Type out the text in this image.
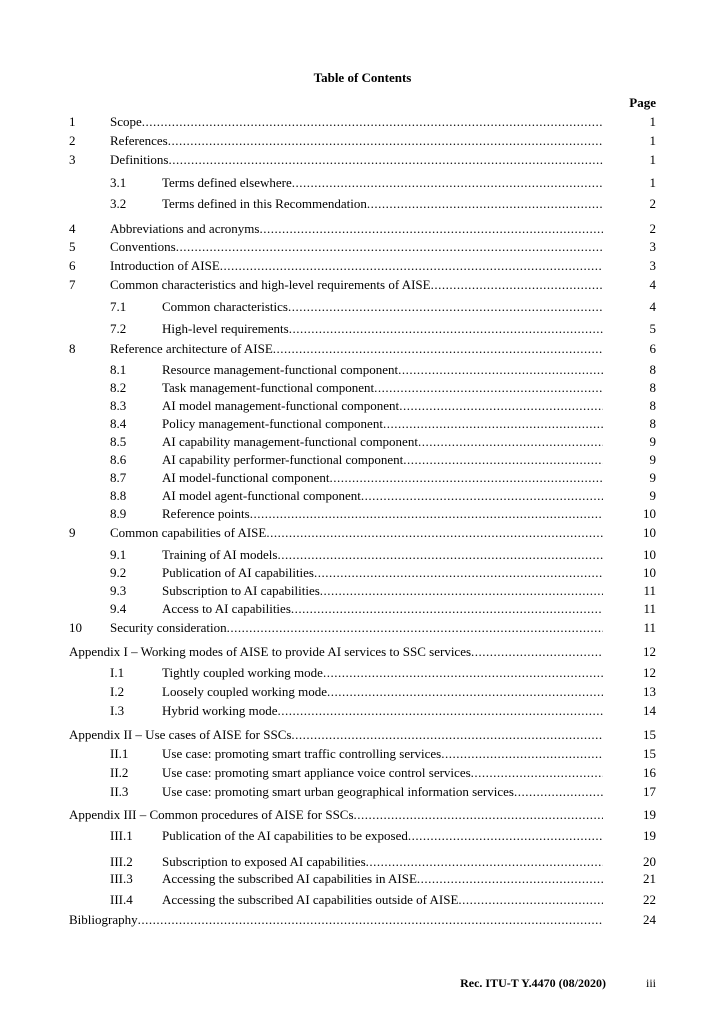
Table of Contents
Page
1	Scope .....	1
2	References .....	1
3	Definitions .....	1
3.1	Terms defined elsewhere .....	1
3.2	Terms defined in this Recommendation .....	2
4	Abbreviations and acronyms .....	2
5	Conventions .....	3
6	Introduction of AISE .....	3
7	Common characteristics and high-level requirements of AISE .....	4
7.1	Common characteristics .....	4
7.2	High-level requirements .....	5
8	Reference architecture of AISE .....	6
8.1	Resource management-functional component .....	8
8.2	Task management-functional component .....	8
8.3	AI model management-functional component .....	8
8.4	Policy management-functional component .....	8
8.5	AI capability management-functional component .....	9
8.6	AI capability performer-functional component .....	9
8.7	AI model-functional component .....	9
8.8	AI model agent-functional component .....	9
8.9	Reference points .....	10
9	Common capabilities of AISE .....	10
9.1	Training of AI models .....	10
9.2	Publication of AI capabilities .....	10
9.3	Subscription to AI capabilities .....	11
9.4	Access to AI capabilities .....	11
10 Security consideration .....	11
Appendix I – Working modes of AISE to provide AI services to SSC services .....	12
I.1	Tightly coupled working mode .....	12
I.2	Loosely coupled working mode .....	13
I.3	Hybrid working mode .....	14
Appendix II – Use cases of AISE for SSCs .....	15
II.1	Use case: promoting smart traffic controlling services .....	15
II.2	Use case: promoting smart appliance voice control services .....	16
II.3	Use case: promoting smart urban geographical information services .....	17
Appendix III – Common procedures of AISE for SSCs .....	19
III.1 Publication of the AI capabilities to be exposed .....	19
III.2 Subscription to exposed AI capabilities .....	20
III.3 Accessing the subscribed AI capabilities in AISE .....	21
III.4 Accessing the subscribed AI capabilities outside of AISE .....	22
Bibliography .....	24
Rec. ITU-T Y.4470 (08/2020)	iii
